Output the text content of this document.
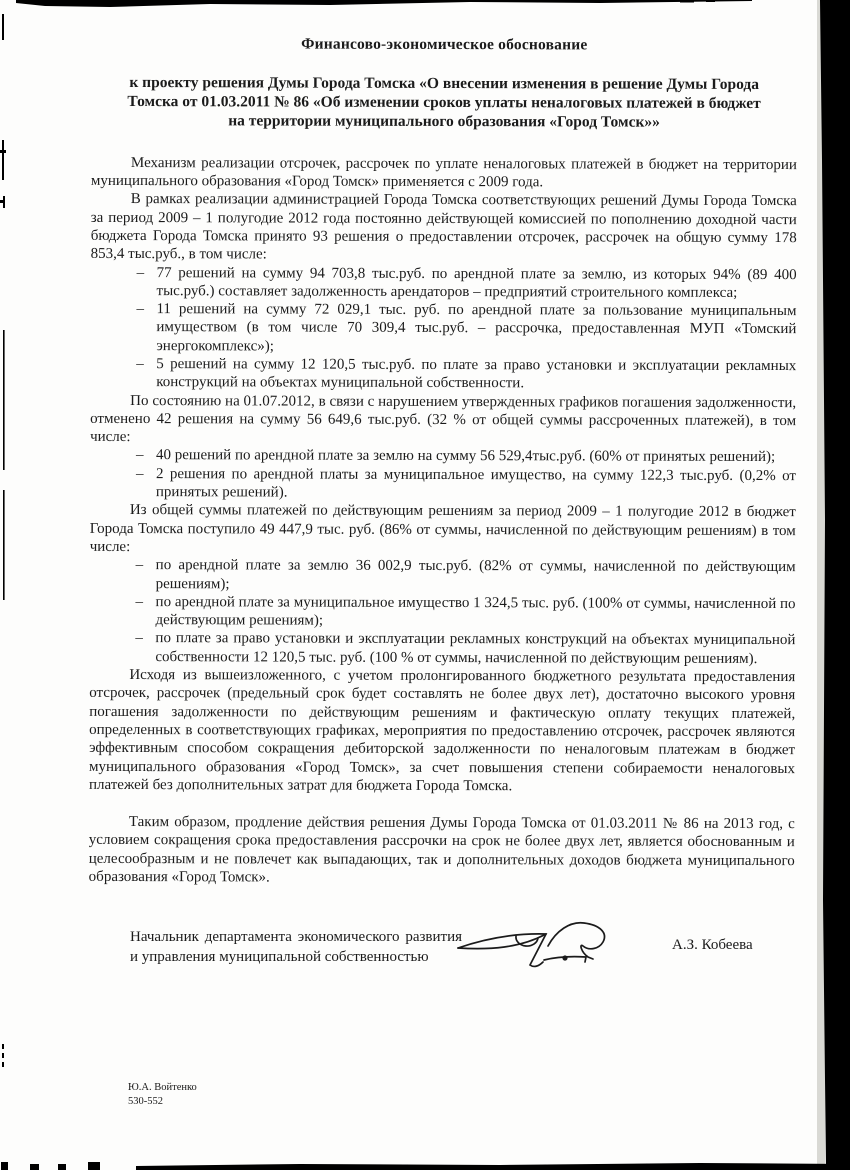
Финансово-экономическое обоснование
к проекту решения Думы Города Томска «О внесении изменения в решение Думы Города Томска от 01.03.2011 № 86 «Об изменении сроков уплаты неналоговых платежей в бюджет на территории муниципального образования «Город Томск»»

Механизм реализации отсрочек, рассрочек по уплате неналоговых платежей в бюджет на территории муниципального образования «Город Томск» применяется с 2009 года.

В рамках реализации администрацией Города Томска соответствующих решений Думы Города Томска за период 2009 – 1 полугодие 2012 года постоянно действующей комиссией по пополнению доходной части бюджета Города Томска принято 93 решения о предоставлении отсрочек, рассрочек на общую сумму 178 853,4 тыс.руб., в том числе:

– 77 решений на сумму 94 703,8 тыс.руб. по арендной плате за землю, из которых 94% (89 400 тыс.руб.) составляет задолженность арендаторов – предприятий строительного комплекса;
– 11 решений на сумму 72 029,1 тыс. руб. по арендной плате за пользование муниципальным имуществом (в том числе 70 309,4 тыс.руб. – рассрочка, предоставленная МУП «Томский энергокомплекс»);
– 5 решений на сумму 12 120,5 тыс.руб. по плате за право установки и эксплуатации рекламных конструкций на объектах муниципальной собственности.

По состоянию на 01.07.2012, в связи с нарушением утвержденных графиков погашения задолженности, отменено 42 решения на сумму 56 649,6 тыс.руб. (32 % от общей суммы рассроченных платежей), в том числе:

– 40 решений по арендной плате за землю на сумму 56 529,4тыс.руб. (60% от принятых решений);
– 2 решения по арендной платы за муниципальное имущество, на сумму 122,3 тыс.руб. (0,2% от принятых решений).

Из общей суммы платежей по действующим решениям за период 2009 – 1 полугодие 2012 в бюджет Города Томска поступило 49 447,9 тыс. руб. (86% от суммы, начисленной по действующим решениям) в том числе:

– по арендной плате за землю 36 002,9 тыс.руб. (82% от суммы, начисленной по действующим решениям);
– по арендной плате за муниципальное имущество 1 324,5 тыс. руб. (100% от суммы, начисленной по действующим решениям);
– по плате за право установки и эксплуатации рекламных конструкций на объектах муниципальной собственности 12 120,5 тыс. руб. (100 % от суммы, начисленной по действующим решениям).

Исходя из вышеизложенного, с учетом пролонгированного бюджетного результата предоставления отсрочек, рассрочек (предельный срок будет составлять не более двух лет), достаточно высокого уровня погашения задолженности по действующим решениям и фактическую оплату текущих платежей, определенных в соответствующих графиках, мероприятия по предоставлению отсрочек, рассрочек являются эффективным способом сокращения дебиторской задолженности по неналоговым платежам в бюджет муниципального образования «Город Томск», за счет повышения степени собираемости неналоговых платежей без дополнительных затрат для бюджета Города Томска.

Таким образом, продление действия решения Думы Города Томска от 01.03.2011 № 86 на 2013 год, с условием сокращения срока предоставления рассрочки на срок не более двух лет, является обоснованным и целесообразным и не повлечет как выпадающих, так и дополнительных доходов бюджета муниципального образования «Город Томск».

Начальник департамента экономического развития и управления муниципальной собственностью
А.З. Кобеева
Ю.А. Войтенко
530-552
